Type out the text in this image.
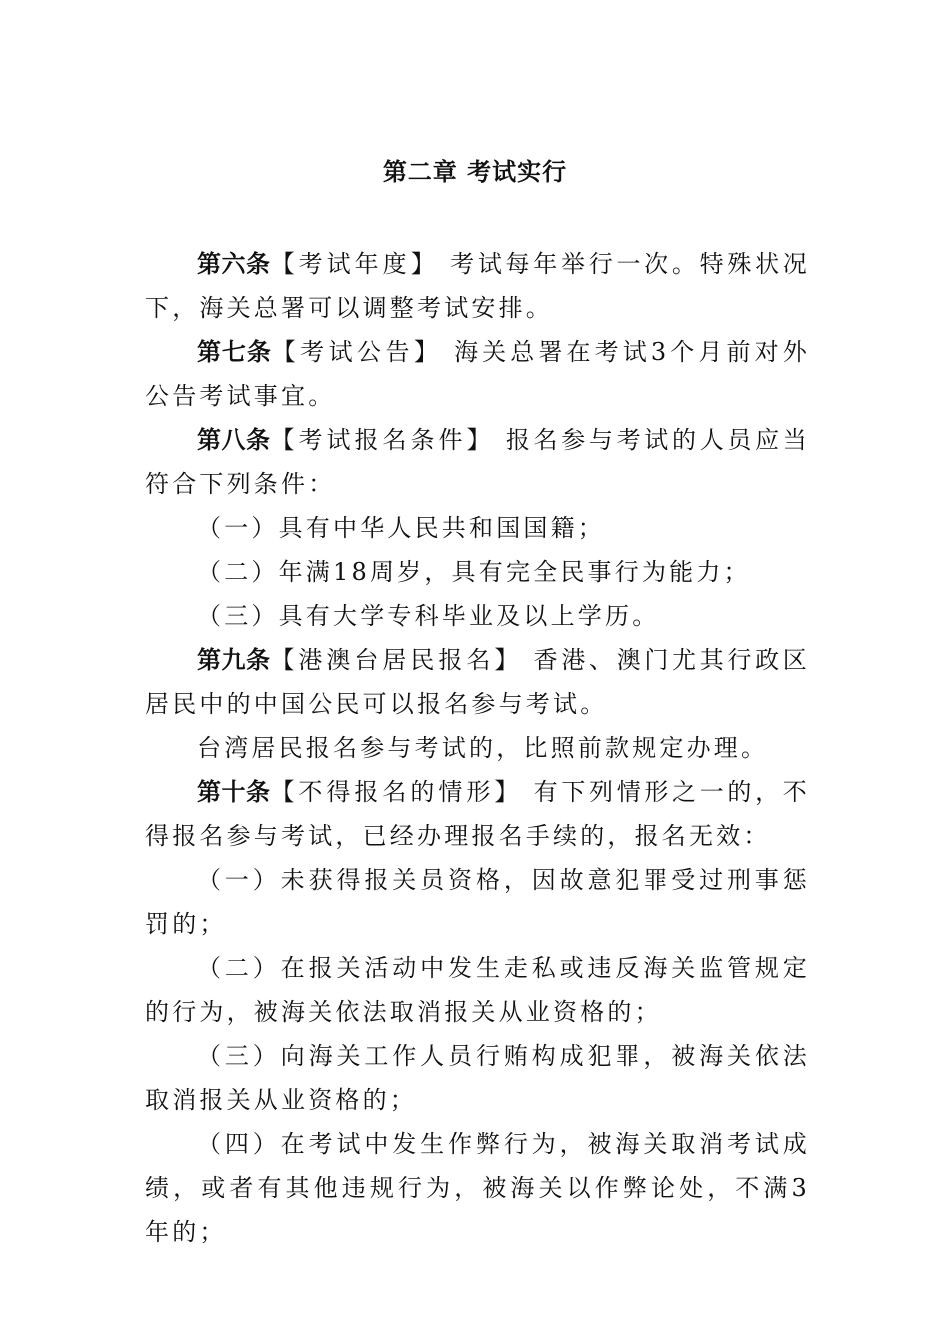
第二章 考试实行

第六条【考试年度】 考试每年举行一次。特殊状况下，海关总署可以调整考试安排。

第七条【考试公告】 海关总署在考试3个月前对外公告考试事宜。

第八条【考试报名条件】 报名参与考试的人员应当符合下列条件：

（一）具有中华人民共和国国籍；

（二）年满18周岁，具有完全民事行为能力；

（三）具有大学专科毕业及以上学历。

第九条【港澳台居民报名】 香港、澳门尤其行政区居民中的中国公民可以报名参与考试。

台湾居民报名参与考试的，比照前款规定办理。

第十条【不得报名的情形】 有下列情形之一的，不得报名参与考试，已经办理报名手续的，报名无效：

（一）未获得报关员资格，因故意犯罪受过刑事惩罚的；

（二）在报关活动中发生走私或违反海关监管规定的行为，被海关依法取消报关从业资格的；

（三）向海关工作人员行贿构成犯罪，被海关依法取消报关从业资格的；

（四）在考试中发生作弊行为，被海关取消考试成绩，或者有其他违规行为，被海关以作弊论处，不满3年的；
